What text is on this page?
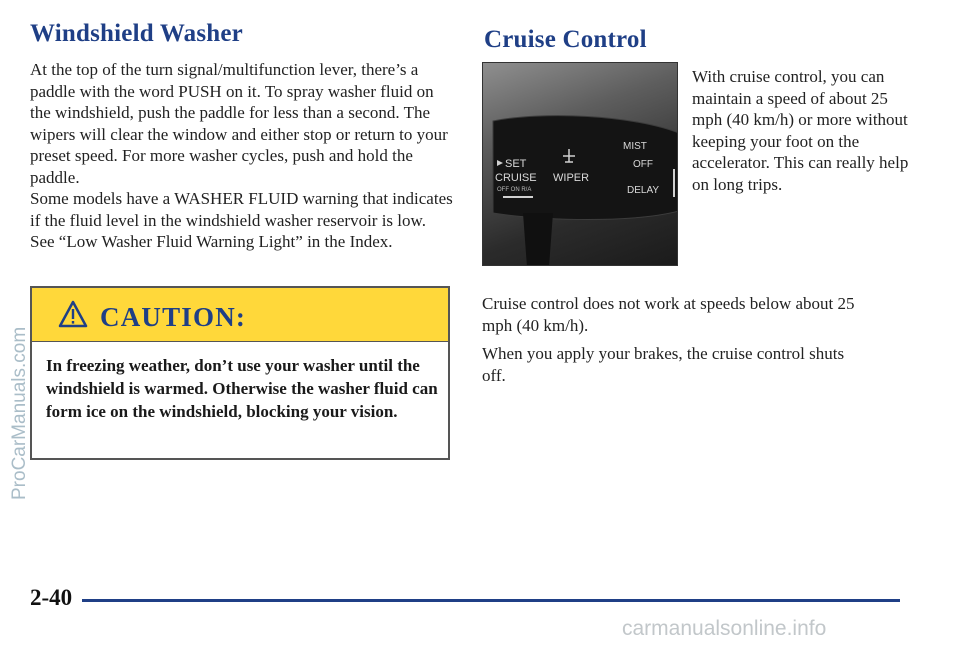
Windshield Washer

At the top of the turn signal/multifunction lever, there’s a paddle with the word PUSH on it. To spray washer fluid on the windshield, push the paddle for less than a second. The wipers will clear the window and either stop or return to your preset speed. For more washer cycles, push and hold the paddle.

Some models have a WASHER FLUID warning that indicates if the fluid level in the windshield washer reservoir is low. See “Low Washer Fluid Warning Light” in the Index.

CAUTION:

In freezing weather, don’t use your washer until the windshield is warmed. Otherwise the washer fluid can form ice on the windshield, blocking your vision.

Cruise Control
SET
CRUISE
OFF ON R/A
WIPER
MIST
OFF
DELAY

With cruise control, you can maintain a speed of about 25 mph (40 km/h) or more without keeping your foot on the accelerator. This can really help on long trips.

Cruise control does not work at speeds below about 25 mph (40 km/h).

When you apply your brakes, the cruise control shuts off.

2-40

ProCarManuals.com
carmanualsonline.info
